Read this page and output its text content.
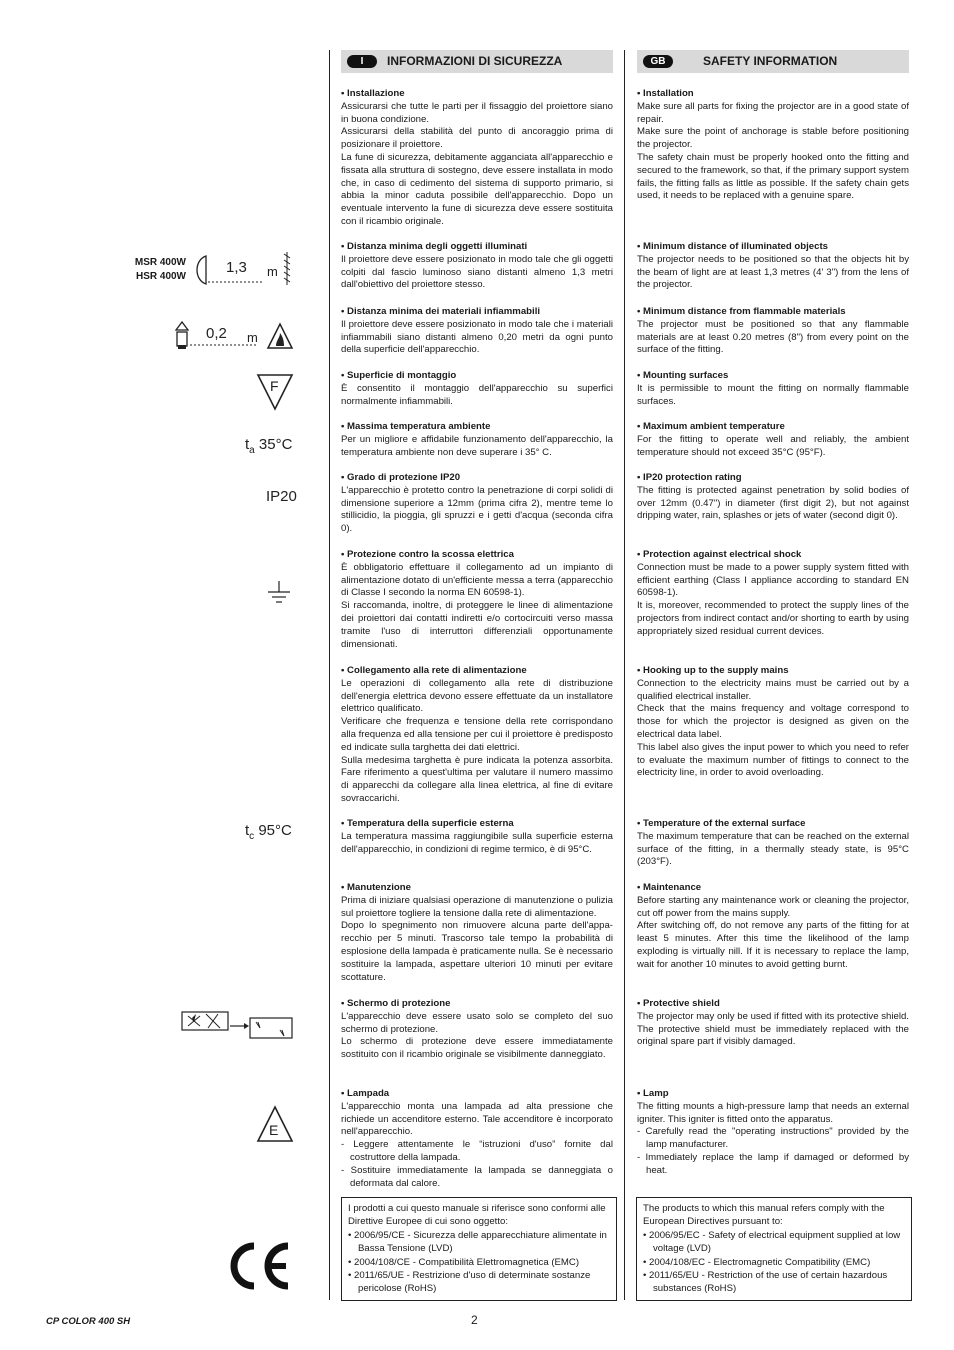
I	INFORMAZIONI DI SICUREZZA	GB	SAFETY INFORMATION
MSR 400W
HSR 400W
1,3 m
0,2 m
F
$t_a$ 35°C
IP20
$t_c$ 95°C
E
• Installazione

Assicurarsi che tutte le parti per il fissaggio del proiettore siano in buona condizione.

Assicurarsi della stabilità del punto di ancoraggio prima di posizionare il proiettore.

La fune di sicurezza, debitamente agganciata all'apparecchio e fissata alla struttura di sostegno, deve essere installata in modo che, in caso di cedimento del sistema di supporto primario, si abbia la minor caduta possibile dell'apparecchio. Dopo un eventuale intervento la fune di sicurezza deve essere sostituita con il ricambio originale.

• Distanza minima degli oggetti illuminati

Il proiettore deve essere posizionato in modo tale che gli oggetti colpiti dal fascio luminoso siano distanti almeno 1,3 metri dall'obiettivo del proiettore stesso.

• Distanza minima dei materiali infiammabili

Il proiettore deve essere posizionato in modo tale che i materiali infiammabili siano distanti almeno 0,20 metri da ogni punto della superficie dell'apparecchio.

• Superficie di montaggio

È consentito il montaggio dell'apparecchio su superfici normalmente infiammabili.

• Massima temperatura ambiente

Per un migliore e affidabile funzionamento dell'apparecchio, la temperatura ambiente non deve superare i 35° C.

• Grado di protezione IP20

L'apparecchio è protetto contro la penetrazione di corpi solidi di dimensione superiore a 12mm (prima cifra 2), mentre teme lo stillicidio, la pioggia, gli spruzzi e i getti d'acqua (seconda cifra 0).

• Protezione contro la scossa elettrica

È obbligatorio effettuare il collegamento ad un impianto di alimentazione dotato di un'efficiente messa a terra (apparecchio di Classe I secondo la norma EN 60598-1).

Si raccomanda, inoltre, di proteggere le linee di alimentazione dei proiettori dai contatti indiretti e/o cortocircuiti verso massa tramite l'uso di interruttori differenziali opportunamente dimensionati.

• Collegamento alla rete di alimentazione

Le operazioni di collegamento alla rete di distribuzione dell'energia elettrica devono essere effettuate da un installatore elettrico qualificato.

Verificare che frequenza e tensione della rete corrispondano alla frequenza ed alla tensione per cui il proiettore è predisposto ed indicate sulla targhetta dei dati elettrici.

Sulla medesima targhetta è pure indicata la potenza assorbita. Fare riferimento a quest'ultima per valutare il numero massimo di apparecchi da collegare alla linea elettrica, al fine di evitare sovraccarichi.

• Temperatura della superficie esterna

La temperatura massima raggiungibile sulla superficie esterna dell'apparecchio, in condizioni di regime termico, è di 95°C.

• Manutenzione

Prima di iniziare qualsiasi operazione di manutenzione o pulizia sul proiettore togliere la tensione dalla rete di alimentazione.

Dopo lo spegnimento non rimuovere alcuna parte dell'appa-recchio per 5 minuti. Trascorso tale tempo la probabilità di esplosione della lampada è praticamente nulla. Se è necessario sostituire la lampada, aspettare ulteriori 10 minuti per evitare scottature.

• Schermo di protezione

L'apparecchio deve essere usato solo se completo del suo schermo di protezione.

Lo schermo di protezione deve essere immediatamente sostituito con il ricambio originale se visibilmente danneggiato.

• Lampada

L'apparecchio monta una lampada ad alta pressione che richiede un accenditore esterno. Tale accenditore è incorporato nell'apparecchio.

- Leggere attentamente le “istruzioni d'uso” fornite dal costruttore della lampada.
- Sostituire immediatamente la lampada se danneggiata o deformata dal calore.
I prodotti a cui questo manuale si riferisce sono conformi alle Direttive Europee di cui sono oggetto:
• 2006/95/CE - Sicurezza delle apparecchiature alimentate in Bassa Tensione (LVD)
• 2004/108/CE - Compatibilità Elettromagnetica (EMC)
• 2011/65/UE - Restrizione d'uso di determinate sostanze pericolose (RoHS)
• Installation

Make sure all parts for fixing the projector are in a good state of repair.

Make sure the point of anchorage is stable before positioning the projector.

The safety chain must be properly hooked onto the fitting and secured to the framework, so that, if the primary support system fails, the fitting falls as little as possible. If the safety chain gets used, it needs to be replaced with a genuine spare.

• Minimum distance of illuminated objects

The projector needs to be positioned so that the objects hit by the beam of light are at least 1,3 metres (4' 3") from the lens of the projector.

• Minimum distance from flammable materials

The projector must be positioned so that any flammable materials are at least 0.20 metres (8") from every point on the surface of the fitting.

• Mounting surfaces

It is permissible to mount the fitting on normally flammable surfaces.

• Maximum ambient temperature

For the fitting to operate well and reliably, the ambient temperature should not exceed 35°C (95°F).

• IP20 protection rating

The fitting is protected against penetration by solid bodies of over 12mm (0.47") in diameter (first digit 2), but not against dripping water, rain, splashes or jets of water (second digit 0).

• Protection against electrical shock

Connection must be made to a power supply system fitted with efficient earthing (Class I appliance according to standard EN 60598-1).

It is, moreover, recommended to protect the supply lines of the projectors from indirect contact and/or shorting to earth by using appropriately sized residual current devices.

• Hooking up to the supply mains

Connection to the electricity mains must be carried out by a qualified electrical installer.

Check that the mains frequency and voltage correspond to those for which the projector is designed as given on the electrical data label.

This label also gives the input power to which you need to refer to evaluate the maximum number of fittings to connect to the electricity line, in order to avoid overloading.

• Temperature of the external surface

The maximum temperature that can be reached on the external surface of the fitting, in a thermally steady state, is 95°C (203°F).

• Maintenance

Before starting any maintenance work or cleaning the projector, cut off power from the mains supply.

After switching off, do not remove any parts of the fitting for at least 5 minutes. After this time the likelihood of the lamp exploding is virtually nill. If it is necessary to replace the lamp, wait for another 10 minutes to avoid getting burnt.

• Protective shield

The projector may only be used if fitted with its protective shield.

The protective shield must be immediately replaced with the original spare part if visibly damaged.

• Lamp

The fitting mounts a high-pressure lamp that needs an external igniter. This igniter is fitted onto the apparatus.

- Carefully read the "operating instructions" provided by the lamp manufacturer.
- Immediately replace the lamp if damaged or deformed by heat.
The products to which this manual refers comply with the European Directives pursuant to:
• 2006/95/EC - Safety of electrical equipment supplied at low voltage (LVD)
• 2004/108/EC - Electromagnetic Compatibility (EMC)
• 2011/65/EU - Restriction of the use of certain hazardous substances (RoHS)
CP COLOR 400 SH	2
